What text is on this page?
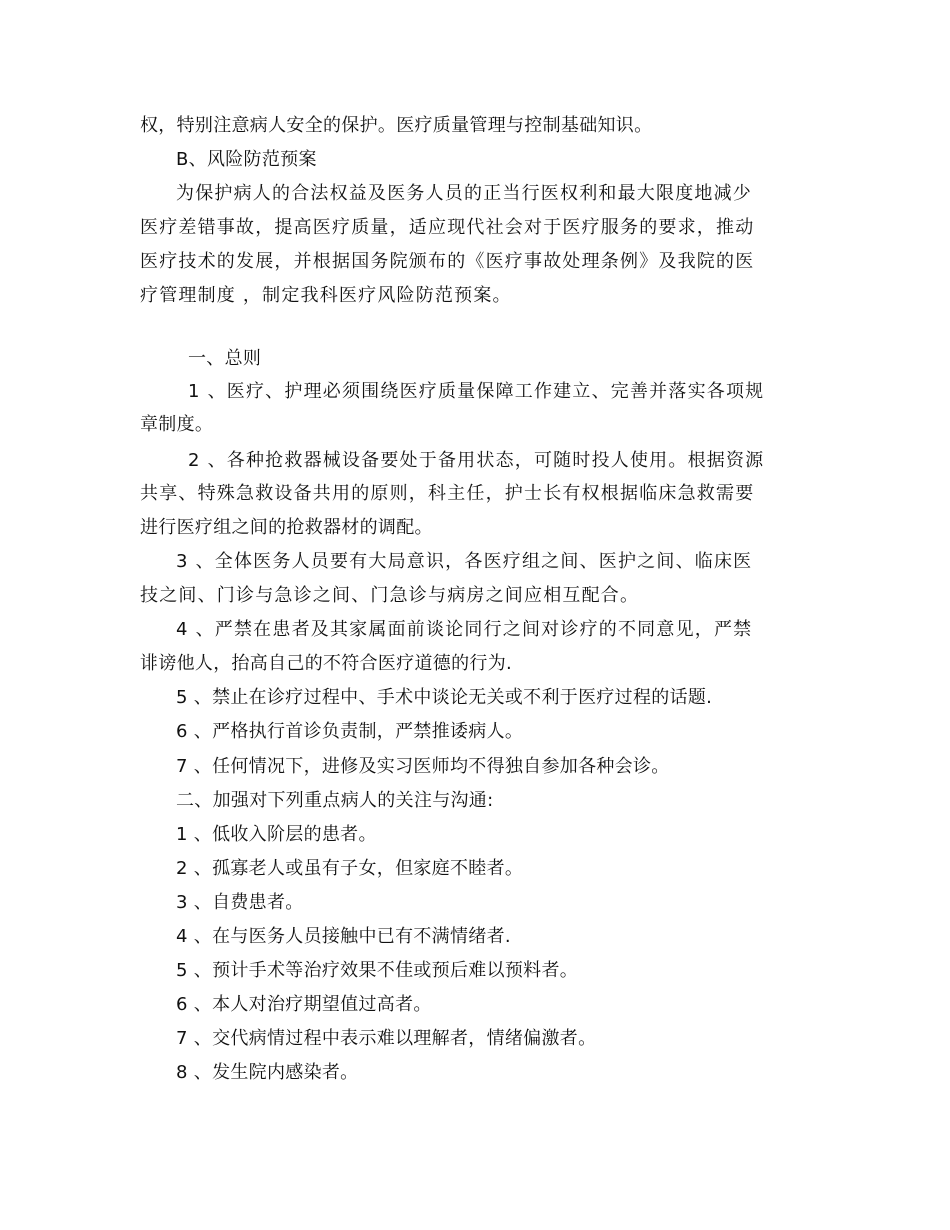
权，特别注意病人安全的保护。医疗质量管理与控制基础知识。

B、风险防范预案

为保护病人的合法权益及医务人员的正当行医权利和最大限度地减少

医疗差错事故，提高医疗质量，适应现代社会对于医疗服务的要求，推动

医疗技术的发展，并根据国务院颁布的《医疗事故处理条例》及我院的医

疗管理制度 ，制定我科医疗风险防范预案。

一、总则

1 、医疗、护理必须围绕医疗质量保障工作建立、完善并落实各项规

章制度。

2 、各种抢救器械设备要处于备用状态，可随时投人使用。根据资源

共享、特殊急救设备共用的原则，科主任，护士长有权根据临床急救需要

进行医疗组之间的抢救器材的调配。

3 、全体医务人员要有大局意识，各医疗组之间、医护之间、临床医

技之间、门诊与急诊之间、门急诊与病房之间应相互配合。

4 、严禁在患者及其家属面前谈论同行之间对诊疗的不同意见，严禁

诽谤他人，抬高自己的不符合医疗道德的行为.

5 、禁止在诊疗过程中、手术中谈论无关或不利于医疗过程的话题.

6 、严格执行首诊负责制，严禁推诿病人。

7 、任何情况下，进修及实习医师均不得独自参加各种会诊。

二、加强对下列重点病人的关注与沟通:

1 、低收入阶层的患者。

2 、孤寡老人或虽有子女，但家庭不睦者。

3 、自费患者。

4 、在与医务人员接触中已有不满情绪者.

5 、预计手术等治疗效果不佳或预后难以预料者。

6 、本人对治疗期望值过高者。

7 、交代病情过程中表示难以理解者，情绪偏激者。

8 、发生院内感染者。
